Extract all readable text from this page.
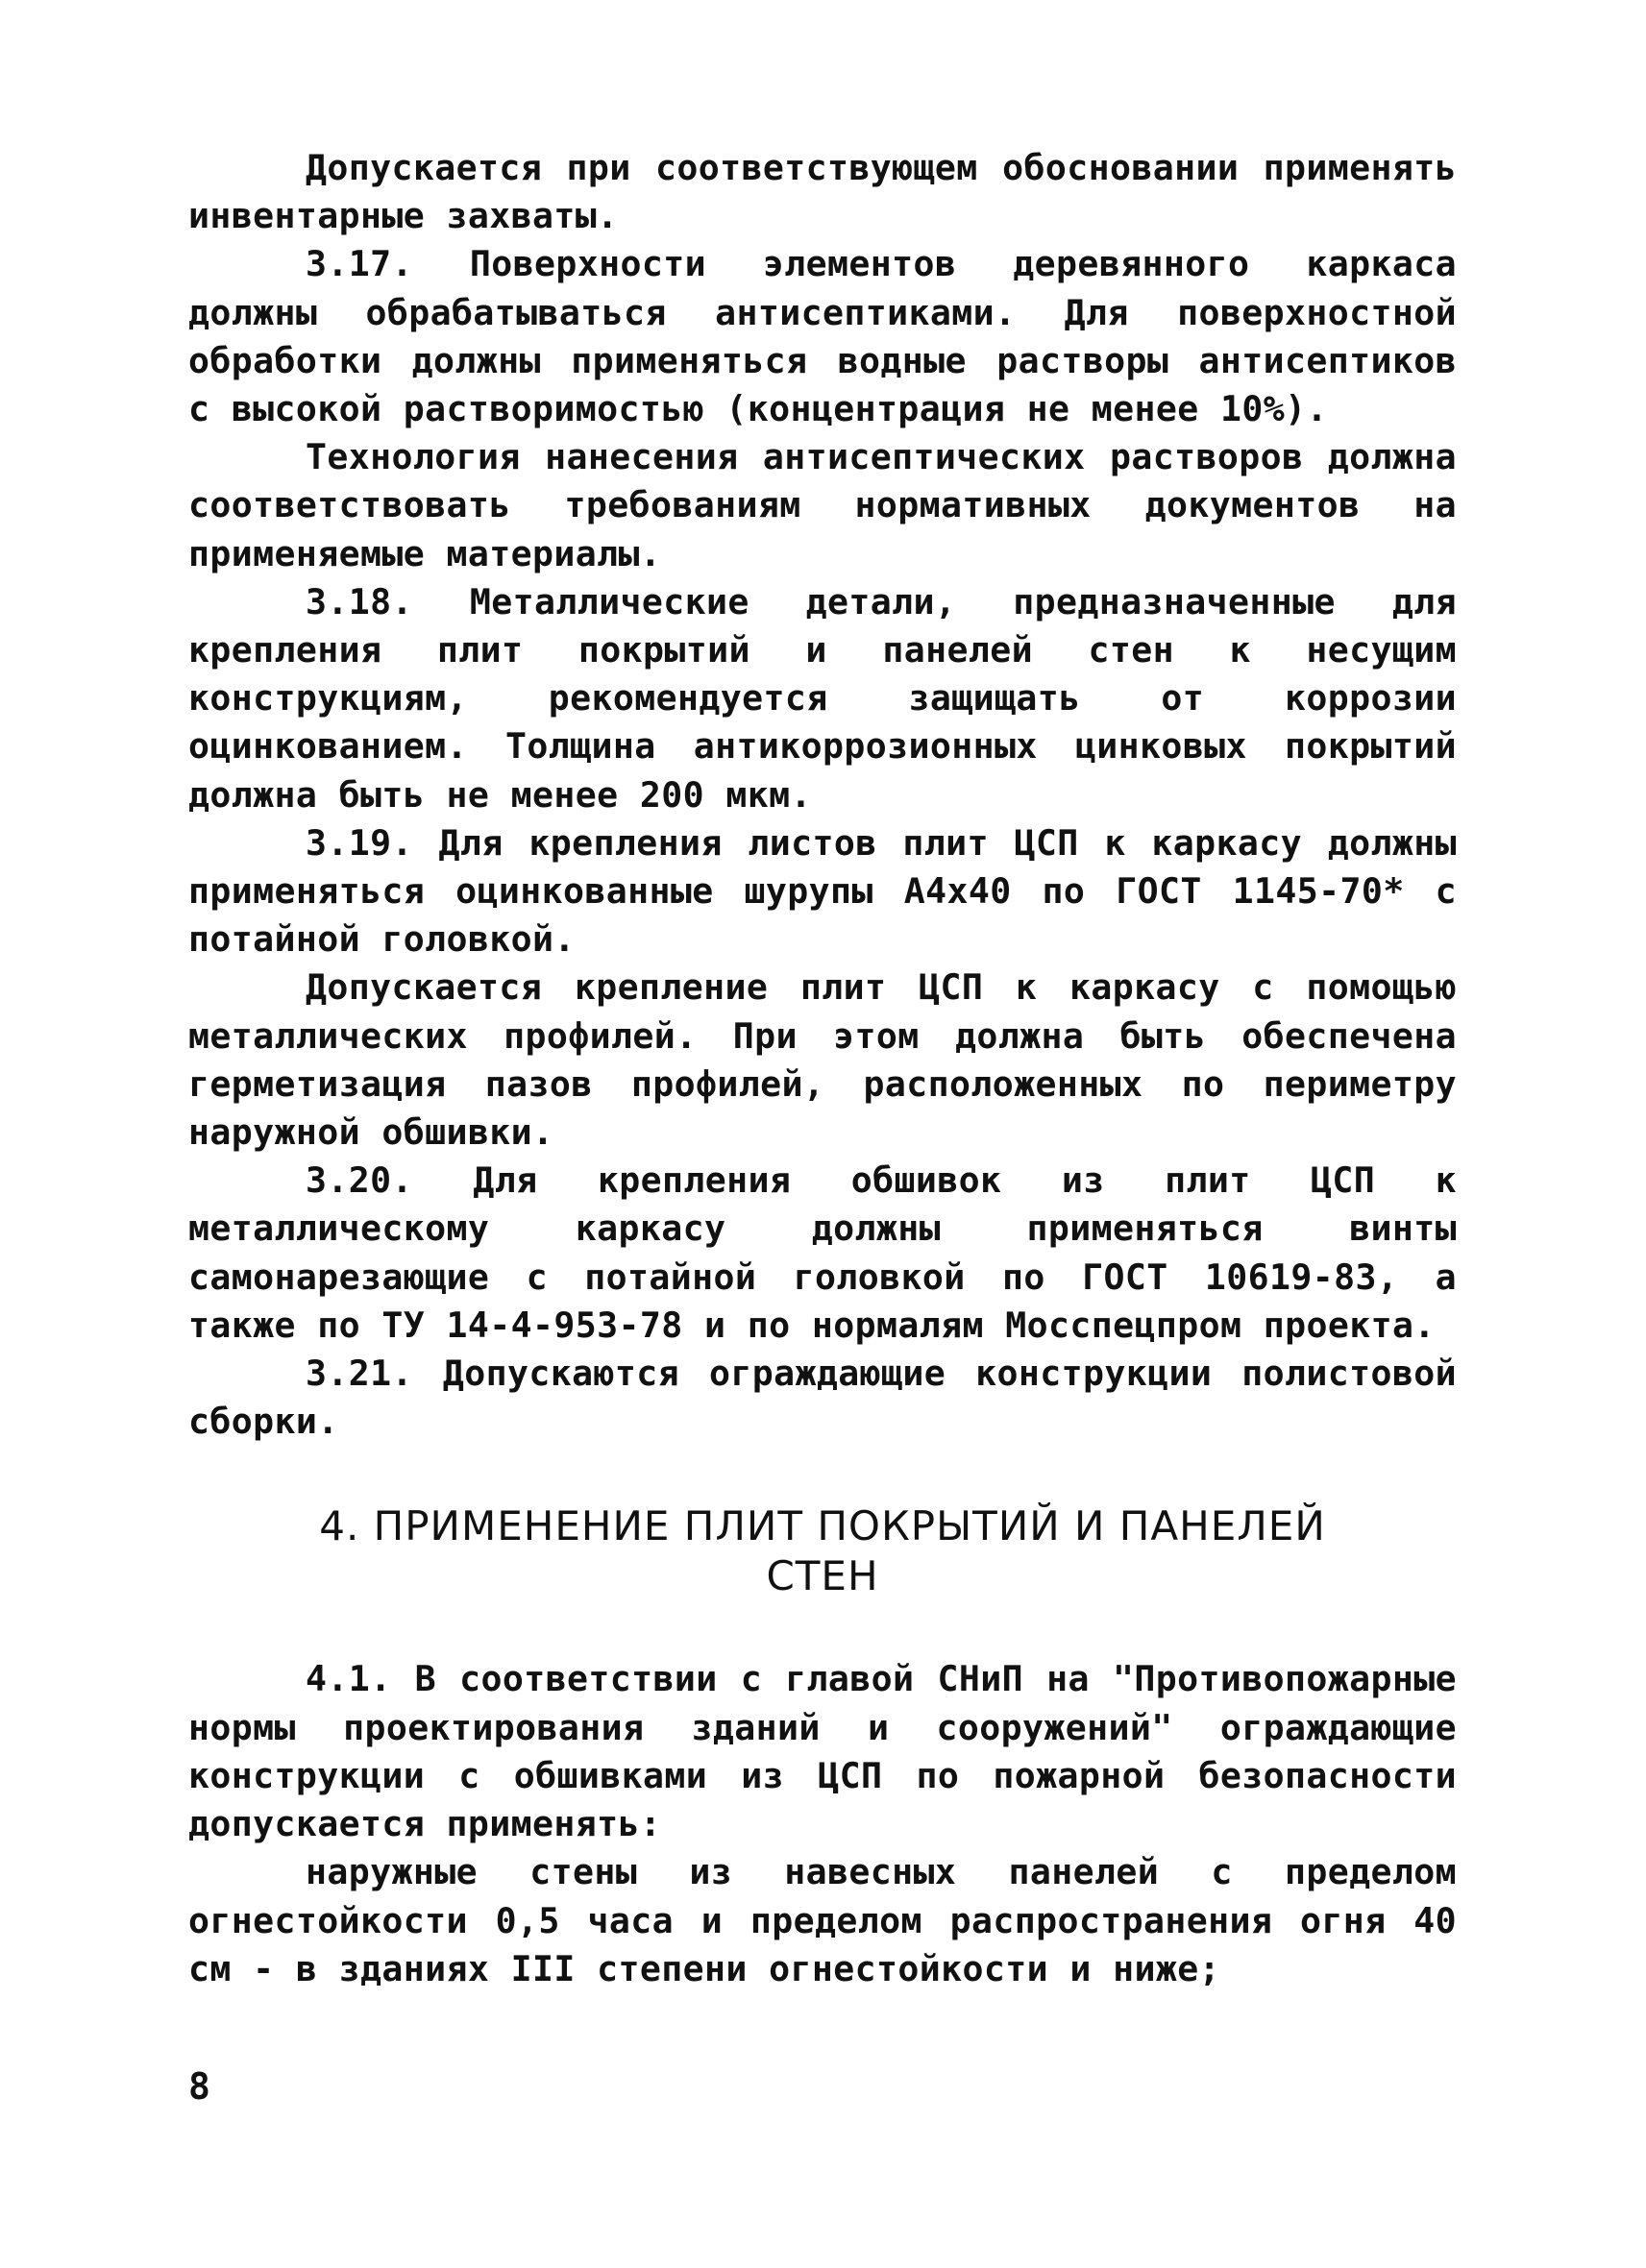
Допускается при соответствующем обосновании применять инвентарные захваты.

3.17. Поверхности элементов деревянного каркаса должны обрабатываться антисептиками. Для поверхностной обработки должны применяться водные растворы антисептиков с высокой растворимостью (концентрация не менее 10%).

Технология нанесения антисептических растворов должна соответствовать требованиям нормативных документов на применяемые материалы.

3.18. Металлические детали, предназначенные для крепления плит покрытий и панелей стен к несущим конструкциям, рекомендуется защищать от коррозии оцинкованием. Толщина антикоррозионных цинковых покрытий должна быть не менее 200 мкм.

3.19. Для крепления листов плит ЦСП к каркасу должны применяться оцинкованные шурупы А4х40 по ГОСТ 1145-70* с потайной головкой.

Допускается крепление плит ЦСП к каркасу с помощью металлических профилей. При этом должна быть обеспечена герметизация пазов профилей, расположенных по периметру наружной обшивки.

3.20. Для крепления обшивок из плит ЦСП к металлическому каркасу должны применяться винты самонарезающие с потайной головкой по ГОСТ 10619-83, а также по ТУ 14-4-953-78 и по нормалям Мосспецпром проекта.

3.21. Допускаются ограждающие конструкции полистовой сборки.

4. ПРИМЕНЕНИЕ ПЛИТ ПОКРЫТИЙ И ПАНЕЛЕЙ
СТЕН

4.1. В соответствии с главой СНиП на "Противопожарные нормы проектирования зданий и сооружений" ограждающие конструкции с обшивками из ЦСП по пожарной безопасности допускается применять:

наружные стены из навесных панелей с пределом огнестойкости 0,5 часа и пределом распространения огня 40 см - в зданиях III степени огнестойкости и ниже;

8
